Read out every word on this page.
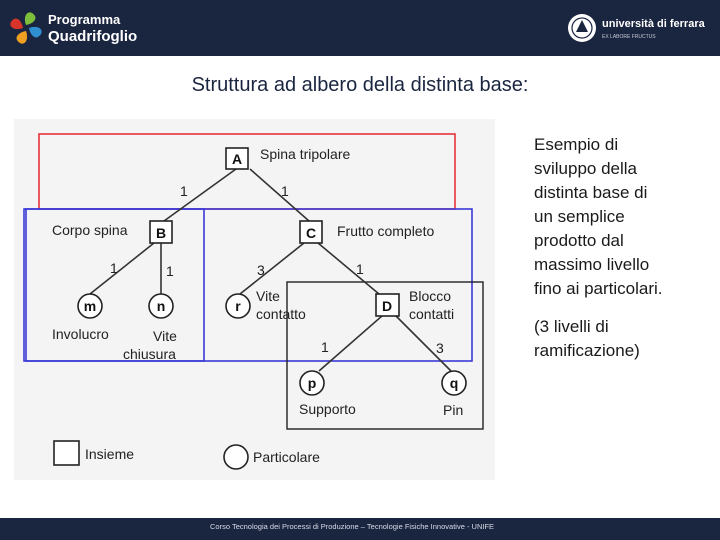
Programma
Quadrifoglio
università di ferrara
EX LABORE FRUCTUS
Struttura ad albero della distinta base:
1	1
1	1	3	1
1	3
A Spina tripolare
B
Corpo spina	C Frutto completo
D
Blocco
contatti
m
Involucro
n
Vite
chiusura
r
Vite
contatto
p
Supporto
q
Pin
Insieme	Particolare
Esempio di
sviluppo della
distinta base di
un semplice
prodotto dal
massimo livello
fino ai particolari.
(3 livelli di
ramificazione)
Corso Tecnologia dei Processi di Produzione – Tecnologie Fisiche Innovative - UNIFE
